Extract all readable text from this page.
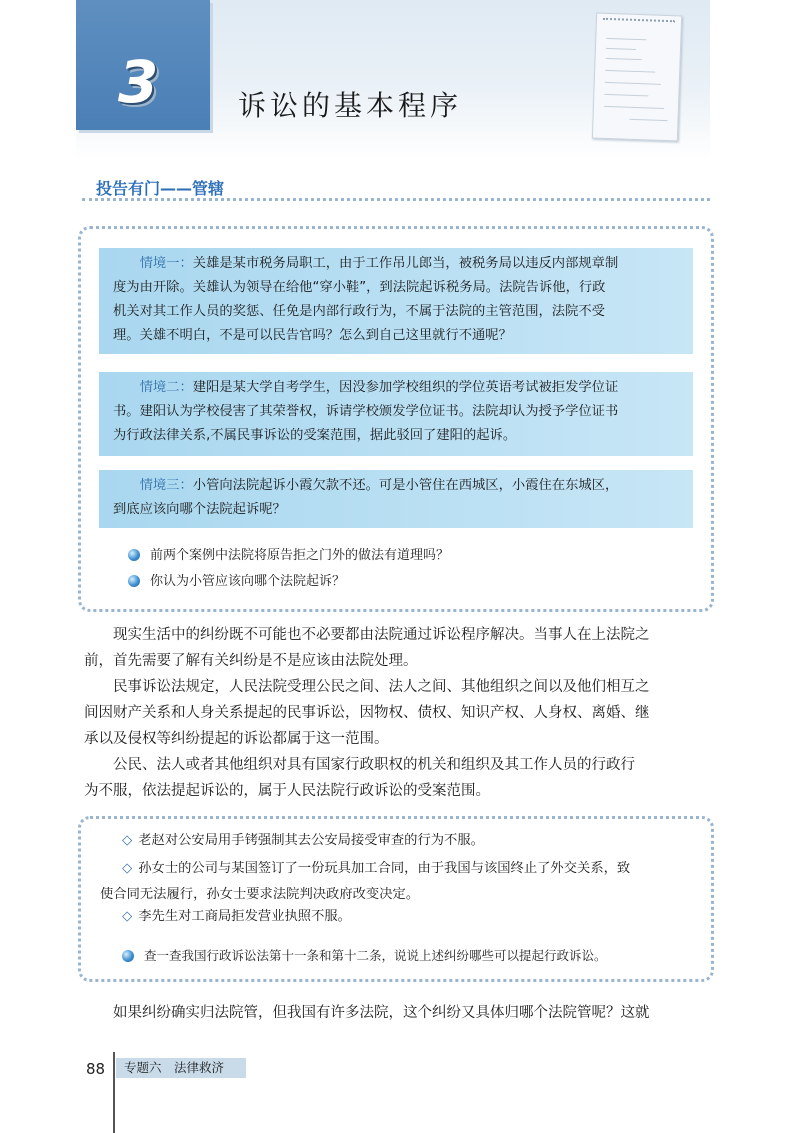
3	诉讼的基本程序
投告有门——管辖
　　情境一：关雄是某市税务局职工，由于工作吊儿郎当，被税务局以违反内部规章制
度为由开除。关雄认为领导在给他“穿小鞋”，到法院起诉税务局。法院告诉他，行政
机关对其工作人员的奖惩、任免是内部行政行为，不属于法院的主管范围，法院不受
理。关雄不明白，不是可以民告官吗？怎么到自己这里就行不通呢？
　　情境二：建阳是某大学自考学生，因没参加学校组织的学位英语考试被拒发学位证
书。建阳认为学校侵害了其荣誉权，诉请学校颁发学位证书。法院却认为授予学位证书
为行政法律关系,不属民事诉讼的受案范围，据此驳回了建阳的起诉。
　　情境三：小管向法院起诉小霞欠款不还。可是小管住在西城区，小霞住在东城区，
到底应该向哪个法院起诉呢？
前两个案例中法院将原告拒之门外的做法有道理吗？
你认为小管应该向哪个法院起诉？
　　现实生活中的纠纷既不可能也不必要都由法院通过诉讼程序解决。当事人在上法院之
前，首先需要了解有关纠纷是不是应该由法院处理。
　　民事诉讼法规定，人民法院受理公民之间、法人之间、其他组织之间以及他们相互之
间因财产关系和人身关系提起的民事诉讼，因物权、债权、知识产权、人身权、离婚、继
承以及侵权等纠纷提起的诉讼都属于这一范围。
　　公民、法人或者其他组织对具有国家行政职权的机关和组织及其工作人员的行政行
为不服，依法提起诉讼的，属于人民法院行政诉讼的受案范围。
◇ 老赵对公安局用手铐强制其去公安局接受审查的行为不服。
◇ 孙女士的公司与某国签订了一份玩具加工合同，由于我国与该国终止了外交关系，致
使合同无法履行，孙女士要求法院判决政府改变决定。
◇ 李先生对工商局拒发营业执照不服。
查一查我国行政诉讼法第十一条和第十二条，说说上述纠纷哪些可以提起行政诉讼。
　　如果纠纷确实归法院管，但我国有许多法院，这个纠纷又具体归哪个法院管呢？这就
88	专题六　 法律救济
